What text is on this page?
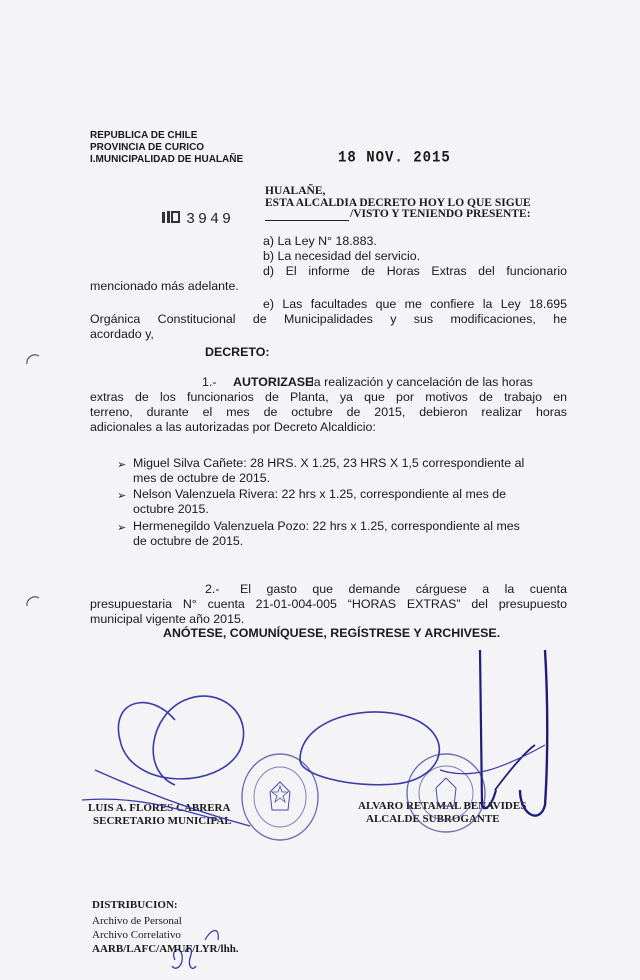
REPUBLICA DE CHILE
PROVINCIA DE CURICO
I.MUNICIPALIDAD DE HUALAÑE	18 NOV. 2015
HUALAÑE,
ESTA ALCALDIA DECRETO HOY LO QUE SIGUE
/VISTO Y TENIENDO PRESENTE:
3949
a) La Ley N° 18.883.
b) La necesidad del servicio.
d) El informe de Horas Extras del funcionario
mencionado más adelante.
e) Las facultades que me confiere la Ley 18.695
Orgánica Constitucional de Municipalidades y sus modificaciones, he
acordado y,
DECRETO:
1.- AUTORIZASE
la realización y cancelación de las horas
extras de los funcionarios de Planta, ya que por motivos de trabajo en
terreno, durante el mes de octubre de 2015, debieron realizar horas
adicionales a las autorizadas por Decreto Alcaldicio:
➢ Miguel Silva Cañete: 28 HRS. X 1.25, 23 HRS X 1,5 correspondiente al
mes de octubre de 2015.
➢ Nelson Valenzuela Rivera: 22 hrs x 1.25, correspondiente al mes de
octubre 2015.
➢ Hermenegildo Valenzuela Pozo: 22 hrs x 1.25, correspondiente al mes
de octubre de 2015.
2.- El gasto que demande cárguese a la cuenta
presupuestaria N° cuenta 21-01-004-005 “HORAS EXTRAS” del presupuesto
municipal vigente año 2015.
ANÓTESE, COMUNÍQUESE, REGÍSTRESE Y ARCHIVESE.
LUIS A. FLORES CABRERA
SECRETARIO MUNICIPAL
ALVARO RETAMAL BENAVIDES
ALCALDE SUBROGANTE
DISTRIBUCION:
Archivo de Personal
Archivo Correlativo
AARB/LAFC/AMUF/LYR/lhh.
